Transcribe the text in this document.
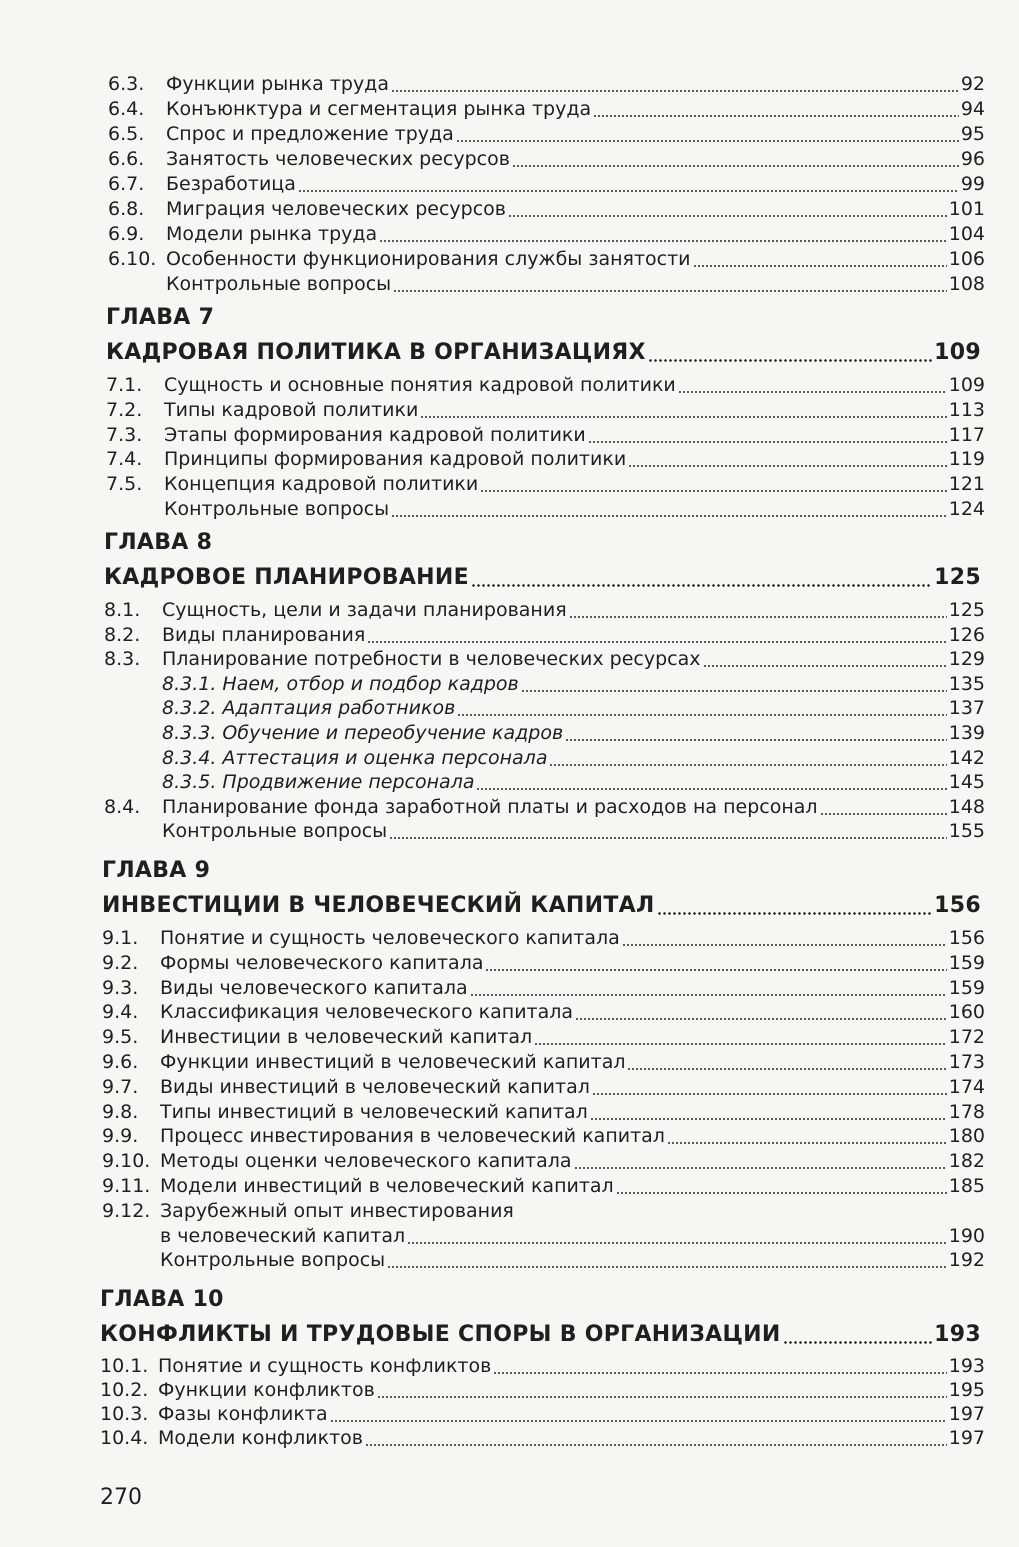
6.3.	Функции рынка труда	92
6.4.	Конъюнктура и сегментация рынка труда	94
6.5.	Спрос и предложение труда	95
6.6.	Занятость человеческих ресурсов	96
6.7.	Безработица	99
6.8.	Миграция человеческих ресурсов	101
6.9.	Модели рынка труда	104
6.10. Особенности функционирования службы занятости	106
Контрольные вопросы	108
ГЛАВА 7
КАДРОВАЯ ПОЛИТИКА В ОРГАНИЗАЦИЯХ	109
7.1.	Сущность и основные понятия кадровой политики	109
7.2.	Типы кадровой политики	113
7.3.	Этапы формирования кадровой политики	117
7.4.	Принципы формирования кадровой политики	119
7.5.	Концепция кадровой политики	121
Контрольные вопросы	124
ГЛАВА 8
КАДРОВОЕ ПЛАНИРОВАНИЕ	125
8.1.	Сущность, цели и задачи планирования	125
8.2.	Виды планирования	126
8.3.	Планирование потребности в человеческих ресурсах	129
8.3.1. Наем, отбор и подбор кадров	135
8.3.2. Адаптация работников	137
8.3.3. Обучение и переобучение кадров	139
8.3.4. Аттестация и оценка персонала	142
8.3.5. Продвижение персонала	145
8.4.	Планирование фонда заработной платы и расходов на персонал	148
Контрольные вопросы	155
ГЛАВА 9
ИНВЕСТИЦИИ В ЧЕЛОВЕЧЕСКИЙ КАПИТАЛ	156
9.1.	Понятие и сущность человеческого капитала	156
9.2.	Формы человеческого капитала	159
9.3.	Виды человеческого капитала	159
9.4.	Классификация человеческого капитала	160
9.5.	Инвестиции в человеческий капитал	172
9.6.	Функции инвестиций в человеческий капитал	173
9.7.	Виды инвестиций в человеческий капитал	174
9.8.	Типы инвестиций в человеческий капитал	178
9.9.	Процесс инвестирования в человеческий капитал	180
9.10. Методы оценки человеческого капитала	182
9.11. Модели инвестиций в человеческий капитал	185
9.12. Зарубежный опыт инвестирования
в человеческий капитал	190
Контрольные вопросы	192
ГЛАВА 10
КОНФЛИКТЫ И ТРУДОВЫЕ СПОРЫ В ОРГАНИЗАЦИИ	193
10.1. Понятие и сущность конфликтов	193
10.2. Функции конфликтов	195
10.3. Фазы конфликта	197
10.4. Модели конфликтов	197
270
